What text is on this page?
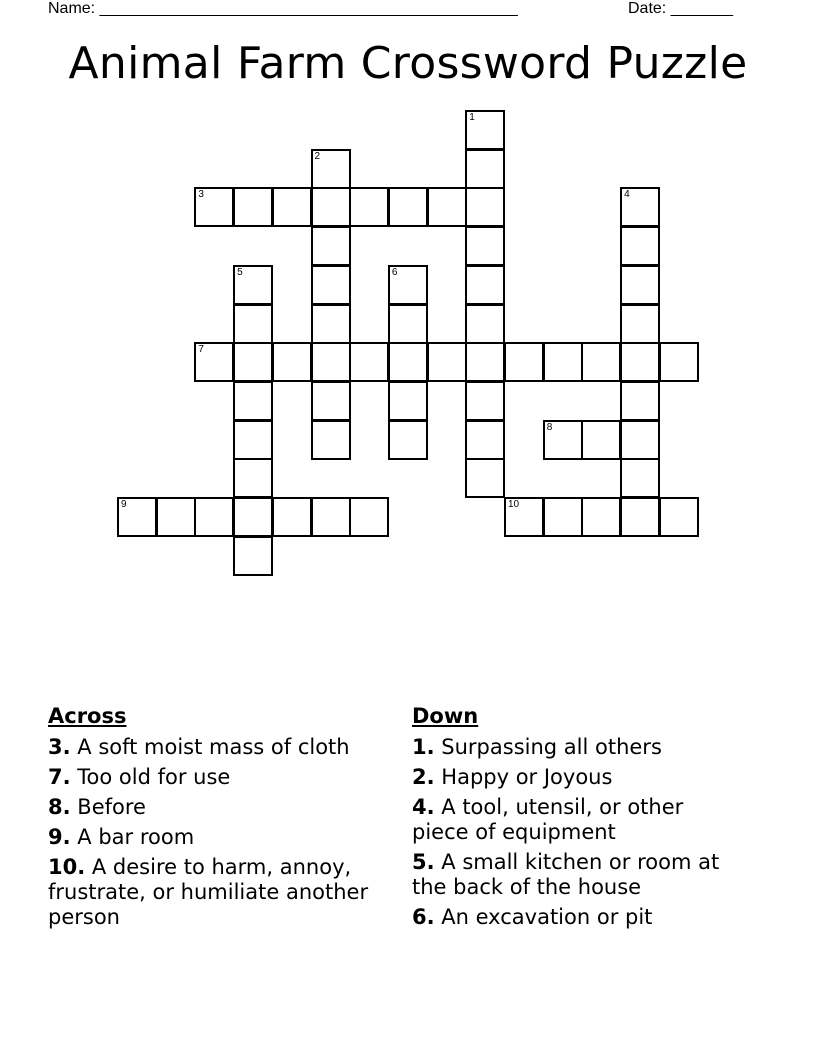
Name: _______________________________________________	Date: _______
Animal Farm Crossword Puzzle
1
2
3	4
5	6
7
8
9	10
Across
3. A soft moist mass of cloth
7. Too old for use
8. Before
9. A bar room
10. A desire to harm, annoy, frustrate, or humiliate another person
Down
1. Surpassing all others
2. Happy or Joyous
4. A tool, utensil, or other piece of equipment
5. A small kitchen or room at the back of the house
6. An excavation or pit
